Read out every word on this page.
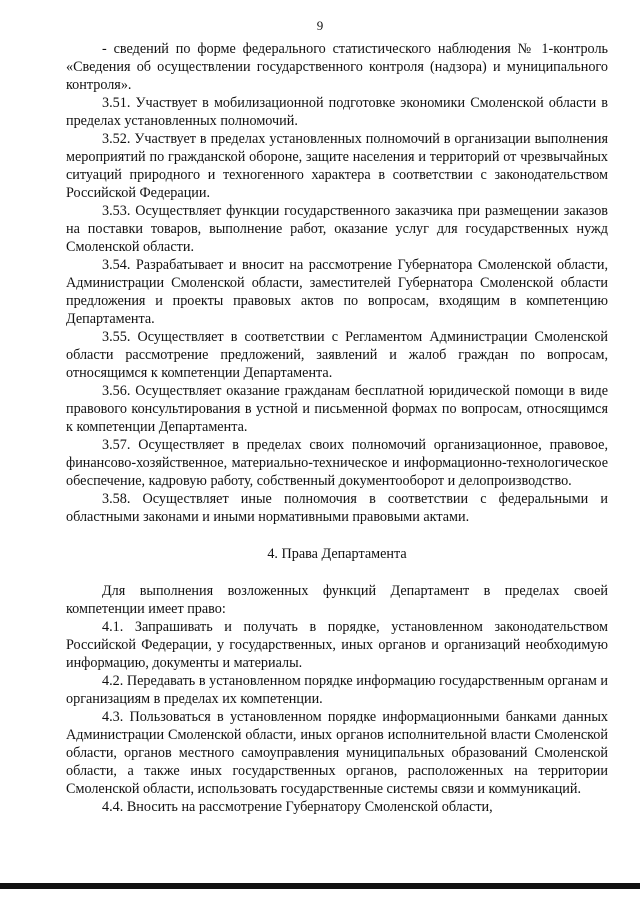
9

- сведений по форме федерального статистического наблюдения № 1-контроль «Сведения об осуществлении государственного контроля (надзора) и муниципального контроля».

3.51. Участвует в мобилизационной подготовке экономики Смоленской области в пределах установленных полномочий.

3.52. Участвует в пределах установленных полномочий в организации выполнения мероприятий по гражданской обороне, защите населения и территорий от чрезвычайных ситуаций природного и техногенного характера в соответствии с законодательством Российской Федерации.

3.53. Осуществляет функции государственного заказчика при размещении заказов на поставки товаров, выполнение работ, оказание услуг для государственных нужд Смоленской области.

3.54. Разрабатывает и вносит на рассмотрение Губернатора Смоленской области, Администрации Смоленской области, заместителей Губернатора Смоленской области предложения и проекты правовых актов по вопросам, входящим в компетенцию Департамента.

3.55. Осуществляет в соответствии с Регламентом Администрации Смоленской области рассмотрение предложений, заявлений и жалоб граждан по вопросам, относящимся к компетенции Департамента.

3.56. Осуществляет оказание гражданам бесплатной юридической помощи в виде правового консультирования в устной и письменной формах по вопросам, относящимся к компетенции Департамента.

3.57. Осуществляет в пределах своих полномочий организационное, правовое, финансово-хозяйственное, материально-техническое и информационно-технологическое обеспечение, кадровую работу, собственный документооборот и делопроизводство.

3.58. Осуществляет иные полномочия в соответствии с федеральными и областными законами и иными нормативными правовыми актами.

4. Права Департамента

Для выполнения возложенных функций Департамент в пределах своей компетенции имеет право:

4.1. Запрашивать и получать в порядке, установленном законодательством Российской Федерации, у государственных, иных органов и организаций необходимую информацию, документы и материалы.

4.2. Передавать в установленном порядке информацию государственным органам и организациям в пределах их компетенции.

4.3. Пользоваться в установленном порядке информационными банками данных Администрации Смоленской области, иных органов исполнительной власти Смоленской области, органов местного самоуправления муниципальных образований Смоленской области, а также иных государственных органов, расположенных на территории Смоленской области, использовать государственные системы связи и коммуникаций.

4.4. Вносить на рассмотрение Губернатору Смоленской области,
